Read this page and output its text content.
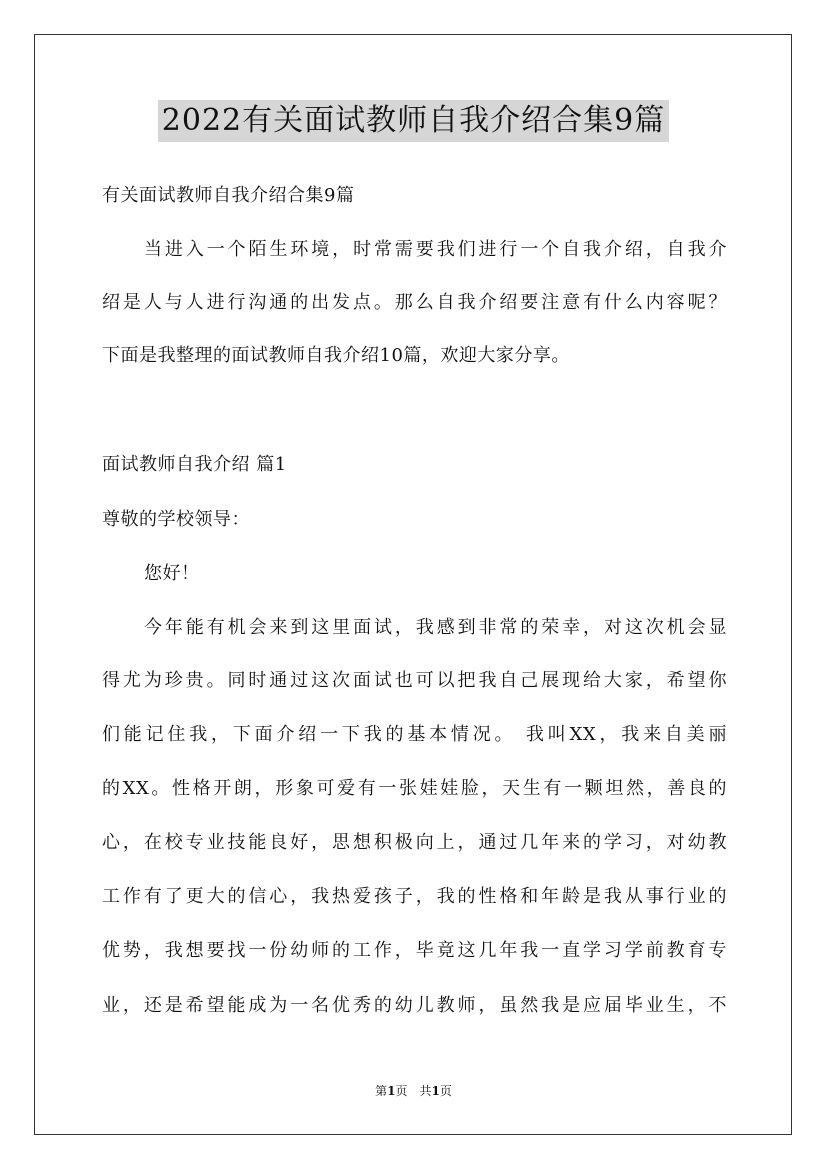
2022有关面试教师自我介绍合集9篇
有关面试教师自我介绍合集9篇
当进入一个陌生环境，时常需要我们进行一个自我介绍，自我介
绍是人与人进行沟通的出发点。那么自我介绍要注意有什么内容呢？
下面是我整理的面试教师自我介绍10篇，欢迎大家分享。
面试教师自我介绍 篇1
尊敬的学校领导：
您好！
今年能有机会来到这里面试，我感到非常的荣幸，对这次机会显
得尤为珍贵。同时通过这次面试也可以把我自己展现给大家，希望你
们能记住我，下面介绍一下我的基本情况。 我叫XX，我来自美丽
的XX。性格开朗，形象可爱有一张娃娃脸，天生有一颗坦然，善良的
心，在校专业技能良好，思想积极向上，通过几年来的学习，对幼教
工作有了更大的信心，我热爱孩子，我的性格和年龄是我从事行业的
优势，我想要找一份幼师的工作，毕竟这几年我一直学习学前教育专
业，还是希望能成为一名优秀的幼儿教师，虽然我是应届毕业生，不
第1页　共1页
